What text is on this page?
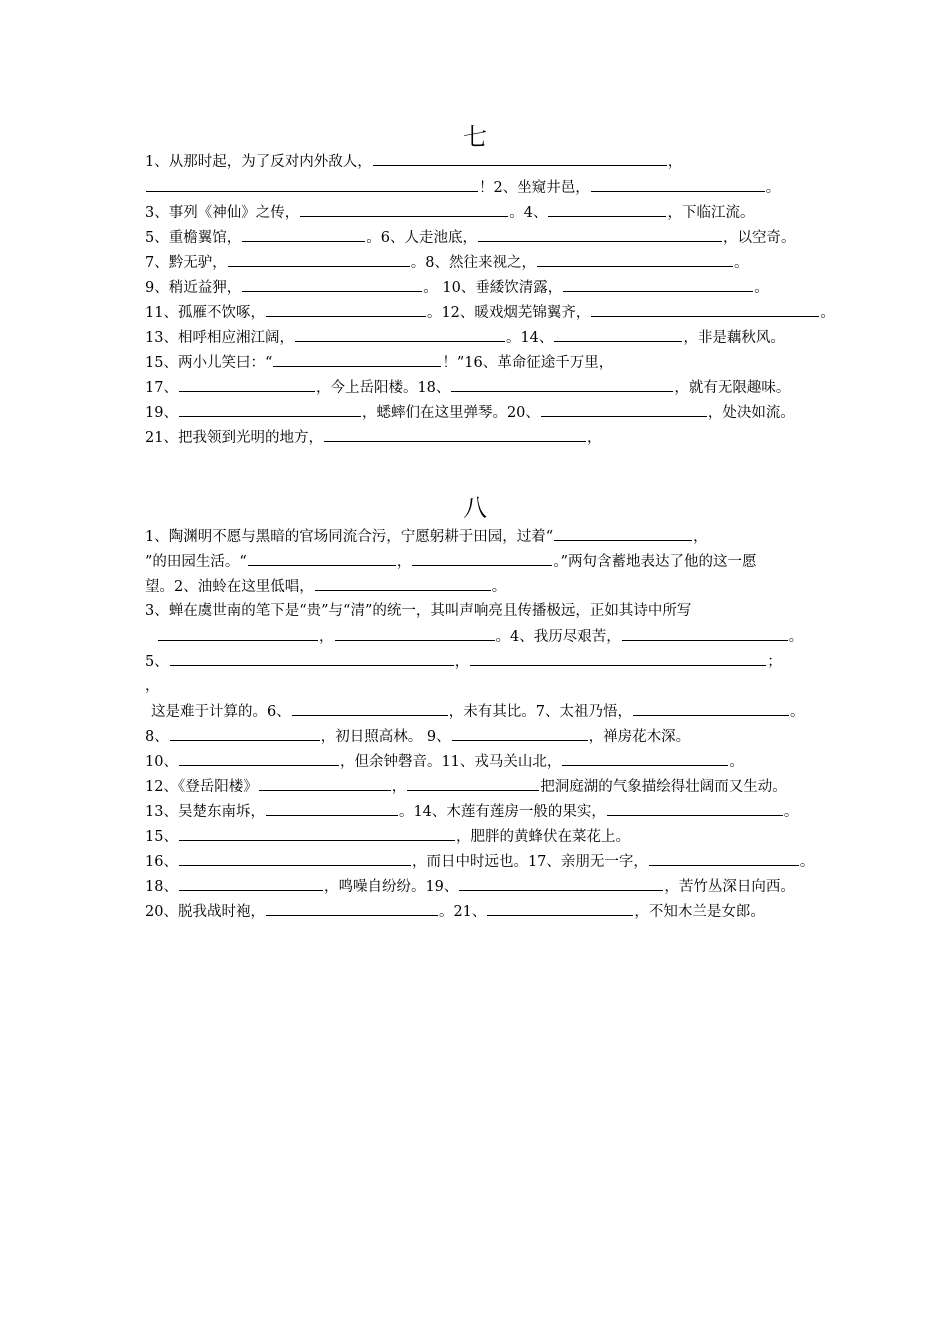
七
1、从那时起，为了反对内外敌人，	，
！2、坐窥井邑，	。
3、事列《神仙》之传，	。4、	，下临江流。
5、重檐翼馆，	。6、人走池底，	，以空奇。
7、黔无驴，	。8、然往来视之，	。
9、稍近益狎，	。 10、垂緌饮清露，	。
11、孤雁不饮啄，	。12、暖戏烟芜锦翼齐，	。
13、相呼相应湘江阔，	。14、	，非是藕秋风。
15、两小儿笑曰：“	！”16、革命征途千万里，
17、	，今上岳阳楼。18、	，就有无限趣味。
19、	，蟋蟀们在这里弹琴。20、	，处决如流。
21、把我领到光明的地方，	，
八
1、陶渊明不愿与黑暗的官场同流合污，宁愿躬耕于田园，过着“	，
”的田园生活。“	，	。”两句含蓄地表达了他的这一愿
望。2、油蛉在这里低唱，	。
3、蝉在虞世南的笔下是“贵”与“清”的统一，其叫声响亮且传播极远，正如其诗中所写
，	。4、我历尽艰苦，	。
5、	，	；
，
这是难于计算的。6、	，未有其比。7、太祖乃悟，	。
8、	，初日照高林。 9、	，禅房花木深。
10、	，但余钟磬音。11、戎马关山北，	。
12、《登岳阳楼》	，	把洞庭湖的气象描绘得壮阔而又生动。
13、吴楚东南坼，	。14、木莲有莲房一般的果实，	。
15、	，肥胖的黄蜂伏在菜花上。
16、	，而日中时远也。17、亲朋无一字，	。
18、	，鸣噪自纷纷。19、	，苦竹丛深日向西。
20、脱我战时袍，	。21、	，不知木兰是女郎。
